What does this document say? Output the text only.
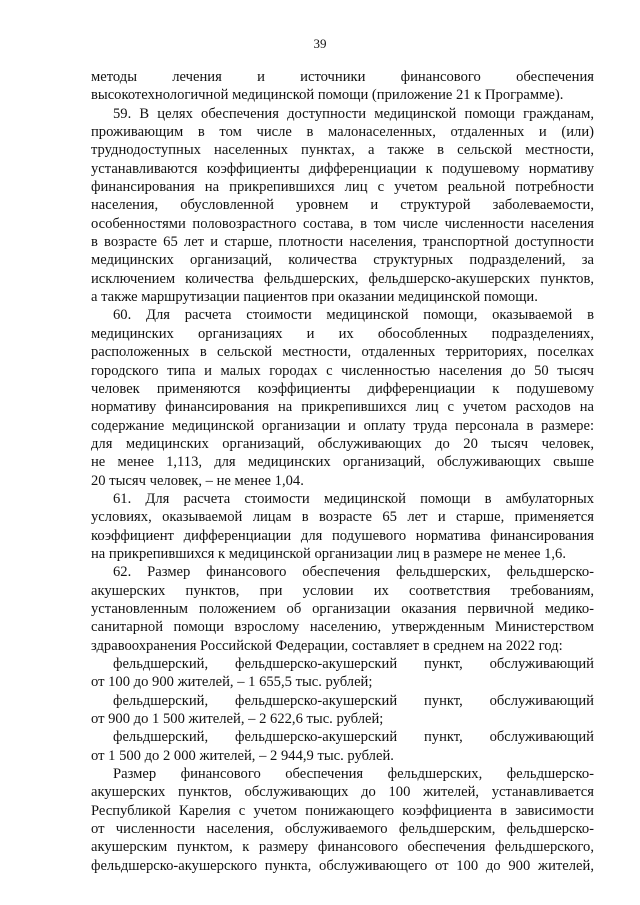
39

методы лечения и источники финансового обеспечения

высокотехнологичной медицинской помощи (приложение 21 к Программе).

59. В целях обеспечения доступности медицинской помощи гражданам,

проживающим в том числе в малонаселенных, отдаленных и (или)

труднодоступных населенных пунктах, а также в сельской местности,

устанавливаются коэффициенты дифференциации к подушевому нормативу

финансирования на прикрепившихся лиц с учетом реальной потребности

населения, обусловленной уровнем и структурой заболеваемости,

особенностями половозрастного состава, в том числе численности населения

в возрасте 65 лет и старше, плотности населения, транспортной доступности

медицинских организаций, количества структурных подразделений, за

исключением количества фельдшерских, фельдшерско-акушерских пунктов,

а также маршрутизации пациентов при оказании медицинской помощи.

60. Для расчета стоимости медицинской помощи, оказываемой в

медицинских организациях и их обособленных подразделениях,

расположенных в сельской местности, отдаленных территориях, поселках

городского типа и малых городах с численностью населения до 50 тысяч

человек применяются коэффициенты дифференциации к подушевому

нормативу финансирования на прикрепившихся лиц с учетом расходов на

содержание медицинской организации и оплату труда персонала в размере:

для медицинских организаций, обслуживающих до 20 тысяч человек,

не менее 1,113, для медицинских организаций, обслуживающих свыше

20 тысяч человек, – не менее 1,04.

61. Для расчета стоимости медицинской помощи в амбулаторных

условиях, оказываемой лицам в возрасте 65 лет и старше, применяется

коэффициент дифференциации для подушевого норматива финансирования

на прикрепившихся к медицинской организации лиц в размере не менее 1,6.

62. Размер финансового обеспечения фельдшерских, фельдшерско-

акушерских пунктов, при условии их соответствия требованиям,

установленным положением об организации оказания первичной медико-

санитарной помощи взрослому населению, утвержденным Министерством

здравоохранения Российской Федерации, составляет в среднем на 2022 год:

фельдшерский, фельдшерско-акушерский пункт, обслуживающий

от 100 до 900 жителей, – 1 655,5 тыс. рублей;

фельдшерский, фельдшерско-акушерский пункт, обслуживающий

от 900 до 1 500 жителей, – 2 622,6 тыс. рублей;

фельдшерский, фельдшерско-акушерский пункт, обслуживающий

от 1 500 до 2 000 жителей, – 2 944,9 тыс. рублей.

Размер финансового обеспечения фельдшерских, фельдшерско-

акушерских пунктов, обслуживающих до 100 жителей, устанавливается

Республикой Карелия с учетом понижающего коэффициента в зависимости

от численности населения, обслуживаемого фельдшерским, фельдшерско-

акушерским пунктом, к размеру финансового обеспечения фельдшерского,

фельдшерско-акушерского пункта, обслуживающего от 100 до 900 жителей,
